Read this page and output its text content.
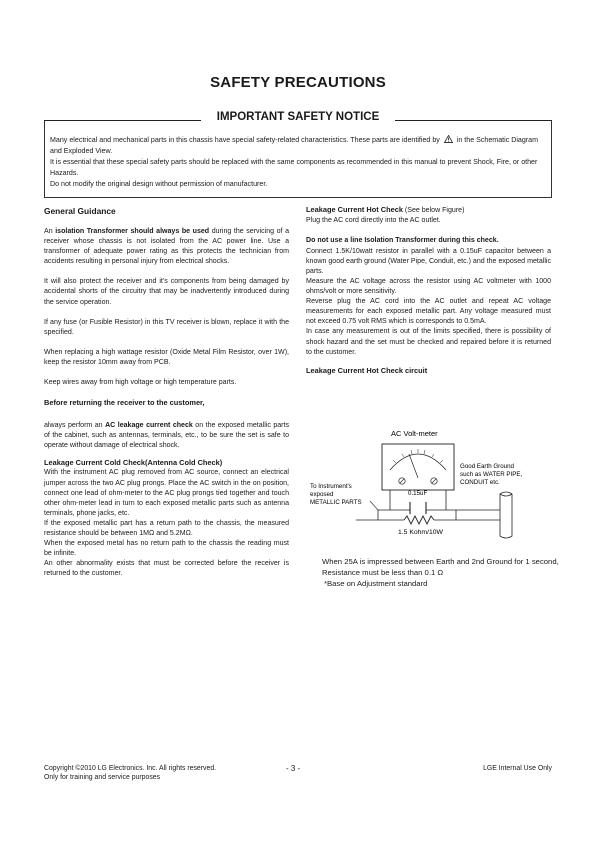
SAFETY PRECAUTIONS
IMPORTANT SAFETY NOTICE

Many electrical and mechanical parts in this chassis have special safety-related characteristics. These parts are identified by in the Schematic Diagram and Exploded View.

It is essential that these special safety parts should be replaced with the same components as recommended in this manual to prevent Shock, Fire, or other Hazards.

Do not modify the original design without permission of manufacturer.

General Guidance

An isolation Transformer should always be used during the servicing of a receiver whose chassis is not isolated from the AC power line. Use a transformer of adequate power rating as this protects the technician from accidents resulting in personal injury from electrical shocks.

It will also protect the receiver and it's components from being damaged by accidental shorts of the circuitry that may be inadvertently introduced during the service operation.

If any fuse (or Fusible Resistor) in this TV receiver is blown, replace it with the specified.

When replacing a high wattage resistor (Oxide Metal Film Resistor, over 1W), keep the resistor 10mm away from PCB.

Keep wires away from high voltage or high temperature parts.

Before returning the receiver to the customer,

always perform an AC leakage current check on the exposed metallic parts of the cabinet, such as antennas, terminals, etc., to be sure the set is safe to operate without damage of electrical shock.

Leakage Current Cold Check(Antenna Cold Check)

With the instrument AC plug removed from AC source, connect an electrical jumper across the two AC plug prongs. Place the AC switch in the on position, connect one lead of ohm-meter to the AC plug prongs tied together and touch other ohm-meter lead in turn to each exposed metallic parts such as antenna terminals, phone jacks, etc.

If the exposed metallic part has a return path to the chassis, the measured resistance should be between 1MΩ and 5.2MΩ.

When the exposed metal has no return path to the chassis the reading must be infinite.

An other abnormality exists that must be corrected before the receiver is returned to the customer.

Leakage Current Hot Check (See below Figure)

Plug the AC cord directly into the AC outlet.

Do not use a line Isolation Transformer during this check.

Connect 1.5K/10watt resistor in parallel with a 0.15uF capacitor between a known good earth ground (Water Pipe, Conduit, etc.) and the exposed metallic parts.

Measure the AC voltage across the resistor using AC voltmeter with 1000 ohms/volt or more sensitivity.

Reverse plug the AC cord into the AC outlet and repeat AC voltage measurements for each exposed metallic part. Any voltage measured must not exceed 0.75 volt RMS which is corresponds to 0.5mA.

In case any measurement is out of the limits specified, there is possibility of shock hazard and the set must be checked and repaired before it is returned to the customer.

Leakage Current Hot Check circuit

AC Volt-meter
0.15uF
1.5 Kohm/10W
To Instrument's
exposed
METALLIC PARTS
Good Earth Ground
such as WATER PIPE,
CONDUIT etc.

When 25A is impressed between Earth and 2nd Ground for 1 second, Resistance must be less than 0.1 Ω

*Base on Adjustment standard

Copyright ©2010 LG Electronics. Inc. All rights reserved.

Only for training and service purposes

- 3 -	LGE Internal Use Only
